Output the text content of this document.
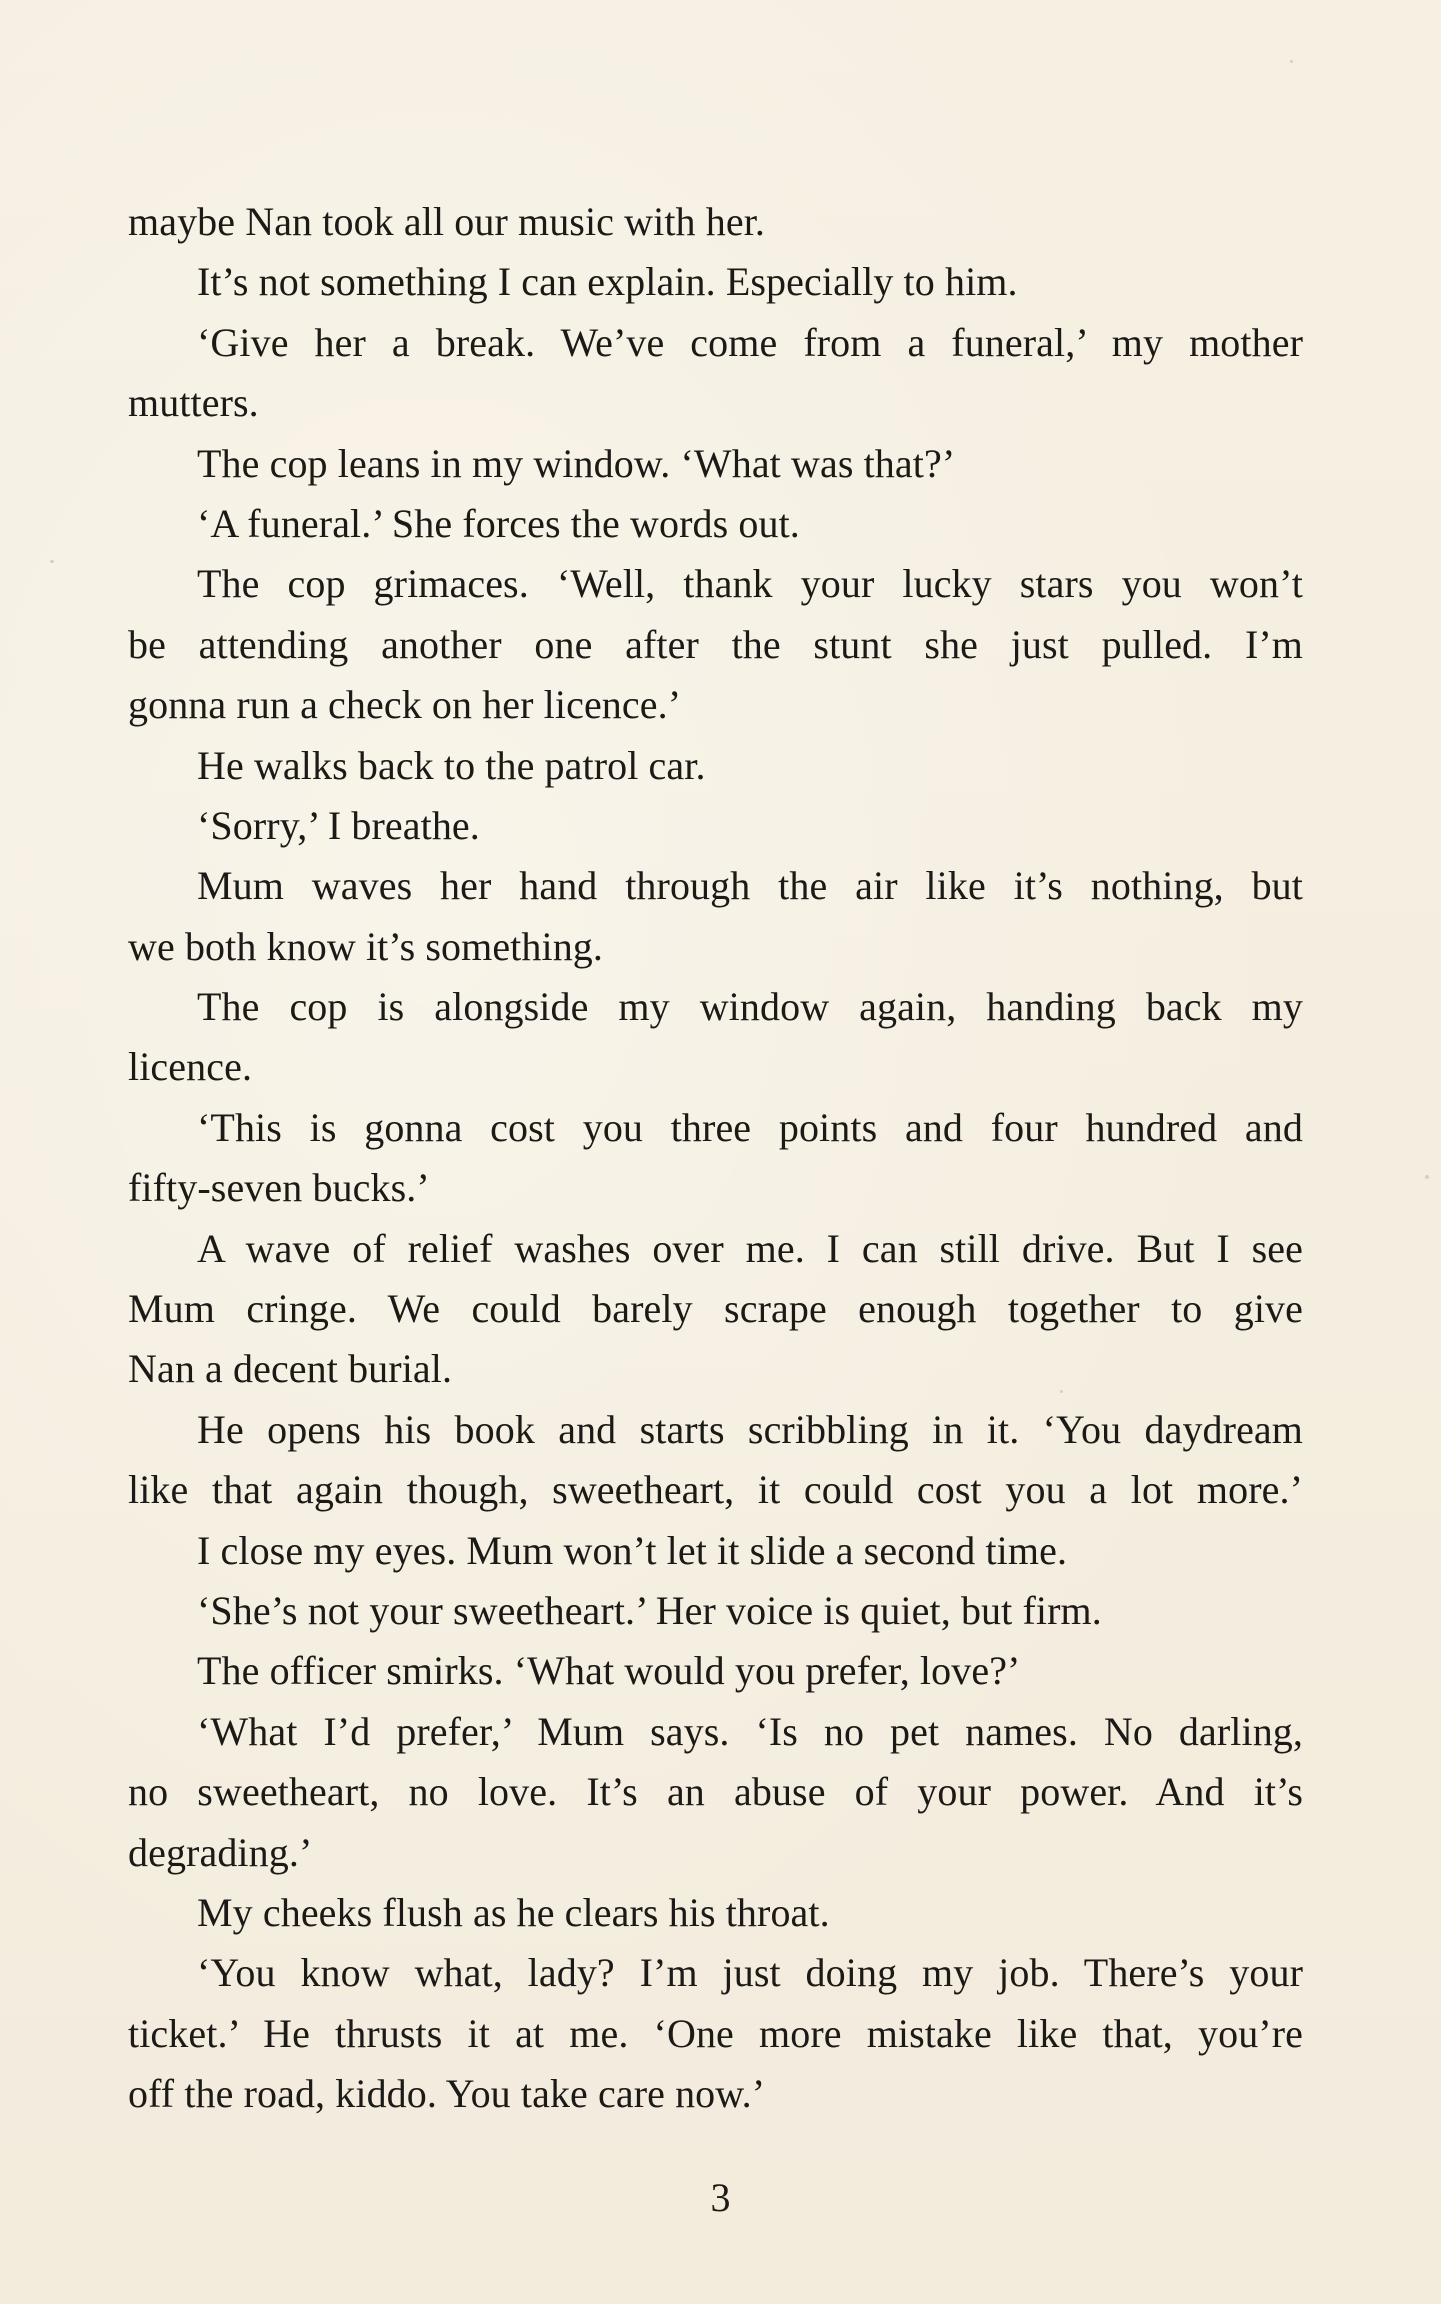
maybe Nan took all our music with her.
It’s not something I can explain. Especially to him.
‘Give her a break. We’ve come from a funeral,’ my mother
mutters.
The cop leans in my window. ‘What was that?’
‘A funeral.’ She forces the words out.
The cop grimaces. ‘Well, thank your lucky stars you won’t
be attending another one after the stunt she just pulled. I’m
gonna run a check on her licence.’
He walks back to the patrol car.
‘Sorry,’ I breathe.
Mum waves her hand through the air like it’s nothing, but
we both know it’s something.
The cop is alongside my window again, handing back my
licence.
‘This is gonna cost you three points and four hundred and
fifty-seven bucks.’
A wave of relief washes over me. I can still drive. But I see
Mum cringe. We could barely scrape enough together to give
Nan a decent burial.
He opens his book and starts scribbling in it. ‘You daydream
like that again though, sweetheart, it could cost you a lot more.’
I close my eyes. Mum won’t let it slide a second time.
‘She’s not your sweetheart.’ Her voice is quiet, but firm.
The officer smirks. ‘What would you prefer, love?’
‘What I’d prefer,’ Mum says. ‘Is no pet names. No darling,
no sweetheart, no love. It’s an abuse of your power. And it’s
degrading.’
My cheeks flush as he clears his throat.
‘You know what, lady? I’m just doing my job. There’s your
ticket.’ He thrusts it at me. ‘One more mistake like that, you’re
off the road, kiddo. You take care now.’
3
